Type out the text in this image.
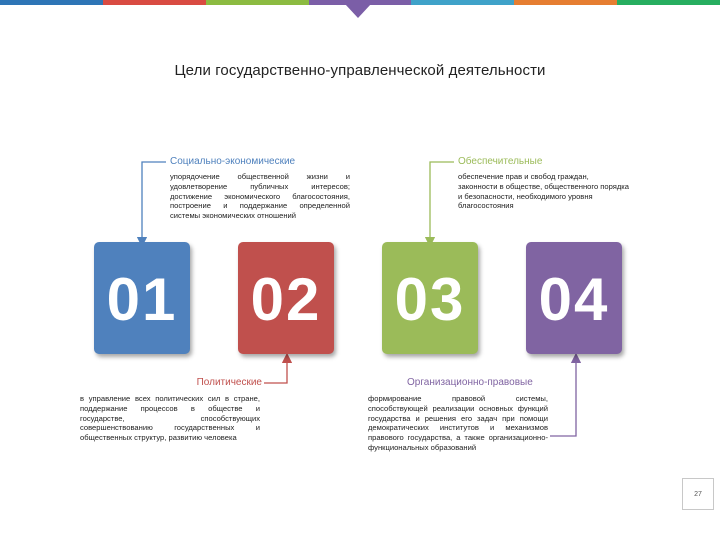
Цели государственно-управленческой деятельности
Социально-экономические
упорядочение общественной жизни и удовлетворение публичных интересов; достижение экономического благосостояния, построение и поддержание определенной системы экономических отношений
01 02
Политические
в управление всех политических сил в стране, поддержание процессов в обществе и государстве, способствующих совершенствованию государственных и общественных структур, развитию человека
Обеспечительные
обеспечение прав и свобод граждан, законности в обществе, общественного порядка и безопасности, необходимого уровня благосостояния
03 04
Организационно-правовые
формирование правовой системы, способствующей реализации основных функций государства и решения его задач при помощи демократических институтов и механизмов правового государства, а также организационно-функциональных образований
27
